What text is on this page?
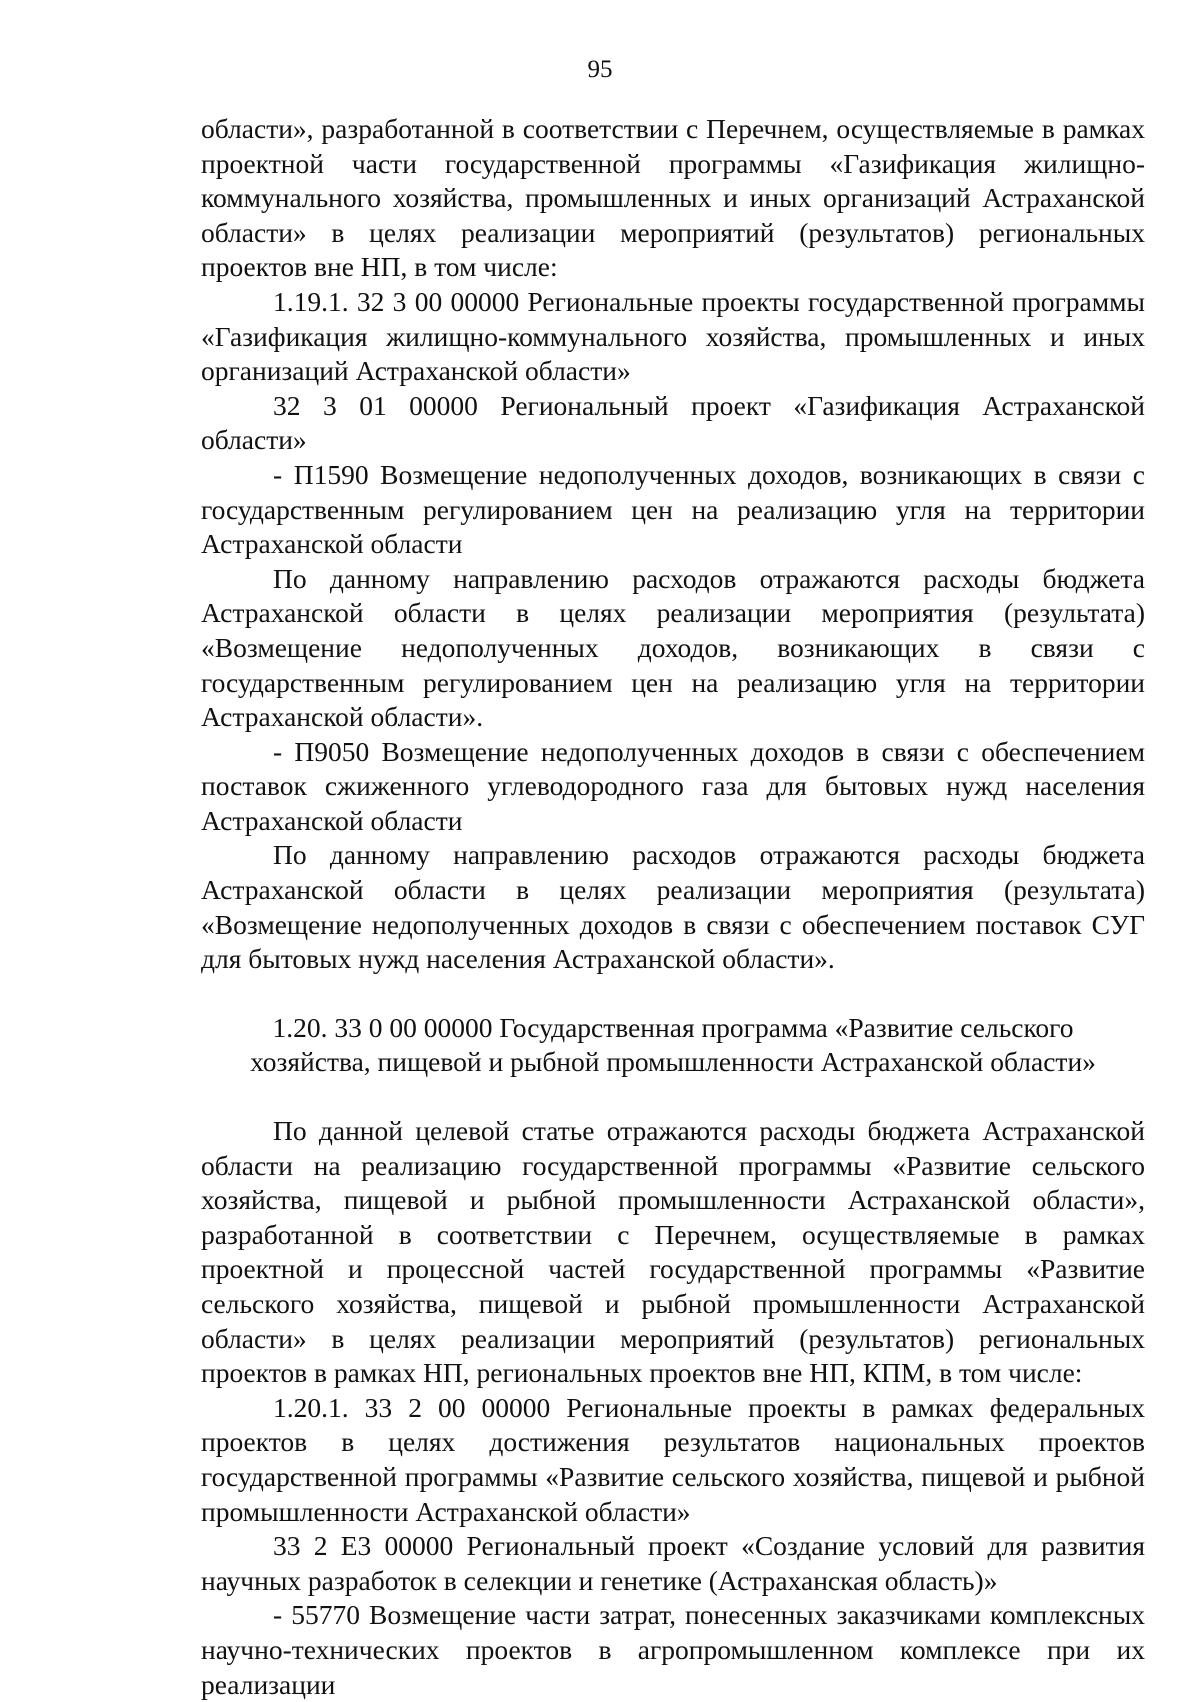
95

области», разработанной в соответствии с Перечнем, осуществляемые в рамках проектной части государственной программы «Газификация жилищно-коммунального хозяйства, промышленных и иных организаций Астраханской области» в целях реализации мероприятий (результатов) региональных проектов вне НП, в том числе:

1.19.1. 32 3 00 00000 Региональные проекты государственной программы «Газификация жилищно-коммунального хозяйства, промышленных и иных организаций Астраханской области»

32 3 01 00000 Региональный проект «Газификация Астраханской области»

- П1590 Возмещение недополученных доходов, возникающих в связи с государственным регулированием цен на реализацию угля на территории Астраханской области

По данному направлению расходов отражаются расходы бюджета Астраханской области в целях реализации мероприятия (результата) «Возмещение недополученных доходов, возникающих в связи с государственным регулированием цен на реализацию угля на территории Астраханской области».

- П9050 Возмещение недополученных доходов в связи с обеспечением поставок сжиженного углеводородного газа для бытовых нужд населения Астраханской области

По данному направлению расходов отражаются расходы бюджета Астраханской области в целях реализации мероприятия (результата) «Возмещение недополученных доходов в связи с обеспечением поставок СУГ для бытовых нужд населения Астраханской области».

1.20. 33 0 00 00000 Государственная программа «Развитие сельского хозяйства, пищевой и рыбной промышленности Астраханской области»

По данной целевой статье отражаются расходы бюджета Астраханской области на реализацию государственной программы «Развитие сельского хозяйства, пищевой и рыбной промышленности Астраханской области», разработанной в соответствии с Перечнем, осуществляемые в рамках проектной и процессной частей государственной программы «Развитие сельского хозяйства, пищевой и рыбной промышленности Астраханской области» в целях реализации мероприятий (результатов) региональных проектов в рамках НП, региональных проектов вне НП, КПМ, в том числе:

1.20.1. 33 2 00 00000 Региональные проекты в рамках федеральных проектов в целях достижения результатов национальных проектов государственной программы «Развитие сельского хозяйства, пищевой и рыбной промышленности Астраханской области»

33 2 Е3 00000 Региональный проект «Создание условий для развития научных разработок в селекции и генетике (Астраханская область)»

- 55770 Возмещение части затрат, понесенных заказчиками комплексных научно-технических проектов в агропромышленном комплексе при их реализации
